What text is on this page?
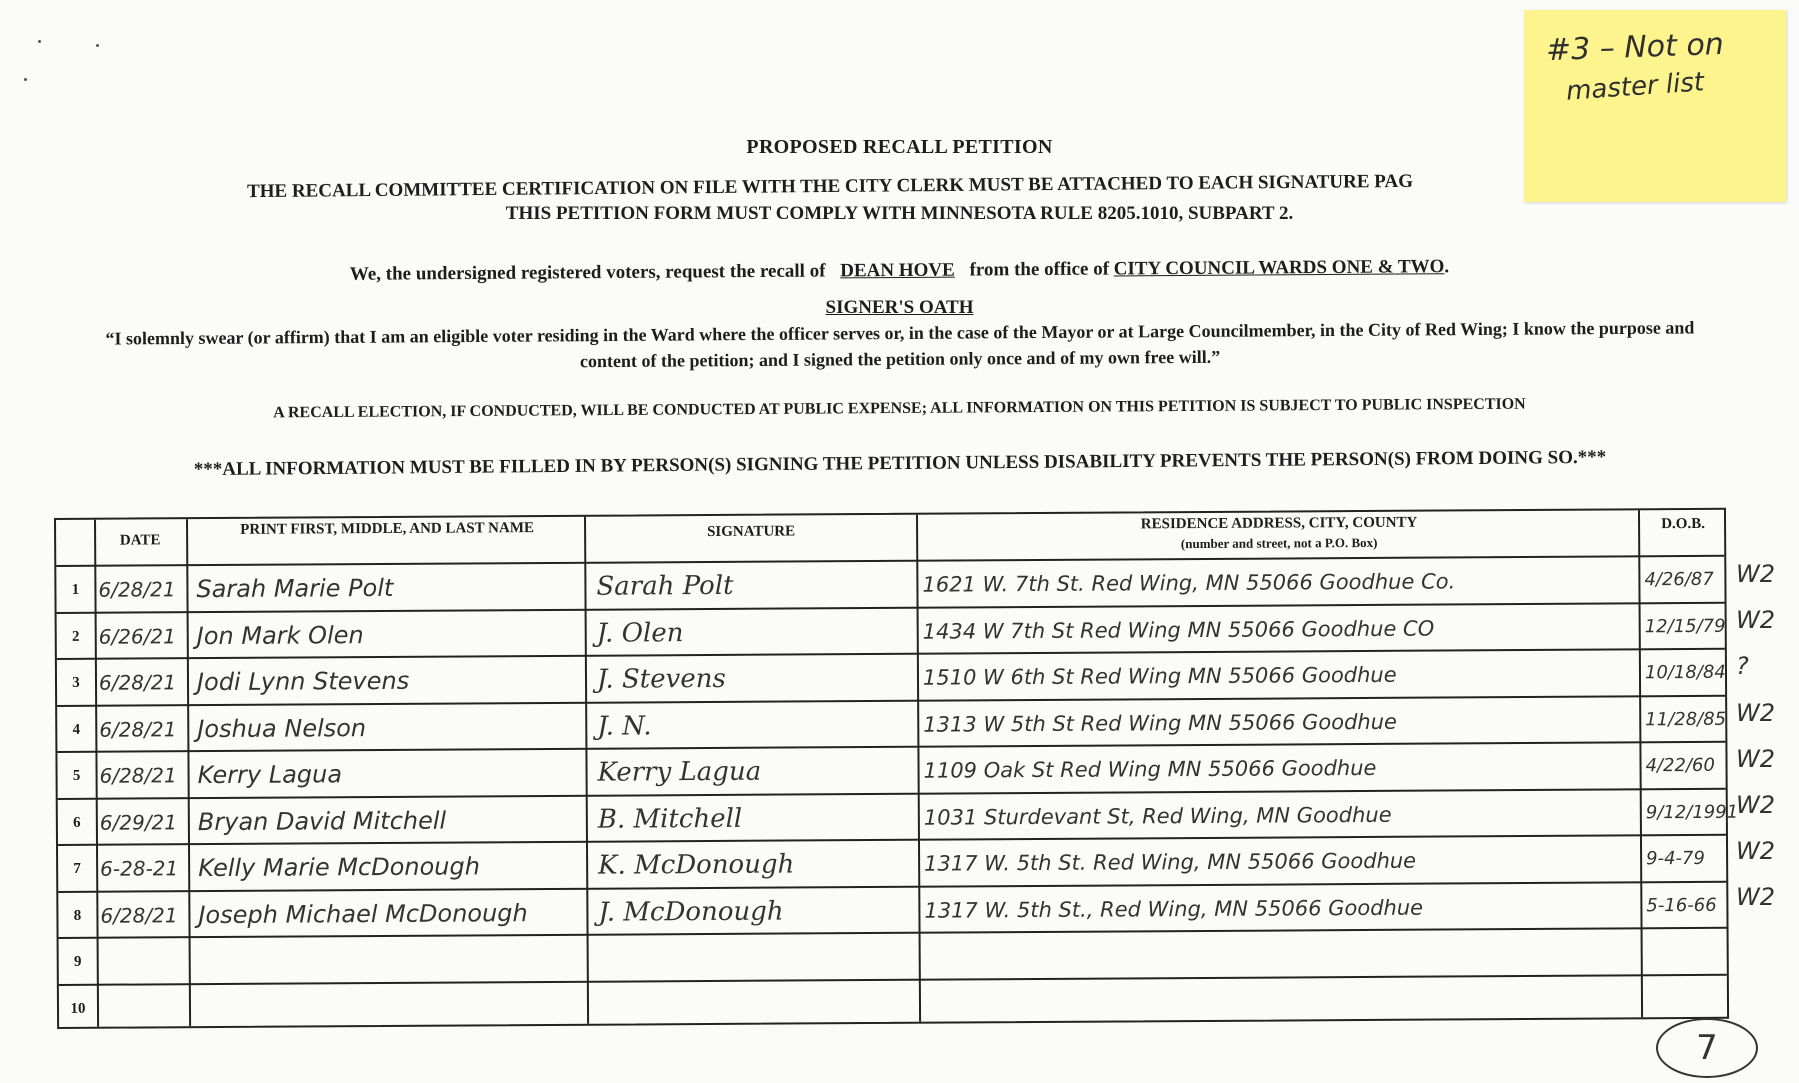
PROPOSED RECALL PETITION
THE RECALL COMMITTEE CERTIFICATION ON FILE WITH THE CITY CLERK MUST BE ATTACHED TO EACH SIGNATURE PAG
THIS PETITION FORM MUST COMPLY WITH MINNESOTA RULE 8205.1010, SUBPART 2.
We, the undersigned registered voters, request the recall of DEAN HOVE from the office of CITY COUNCIL WARDS ONE & TWO.
SIGNER'S OATH
“I solemnly swear (or affirm) that I am an eligible voter residing in the Ward where the officer serves or, in the case of the Mayor or at Large Councilmember, in the City of Red Wing; I know the purpose and content of the petition; and I signed the petition only once and of my own free will.”
A RECALL ELECTION, IF CONDUCTED, WILL BE CONDUCTED AT PUBLIC EXPENSE; ALL INFORMATION ON THIS PETITION IS SUBJECT TO PUBLIC INSPECTION
***ALL INFORMATION MUST BE FILLED IN BY PERSON(S) SIGNING THE PETITION UNLESS DISABILITY PREVENTS THE PERSON(S) FROM DOING SO.***
#3 – Not on
master list
DATE
PRINT FIRST, MIDDLE, AND LAST NAME	SIGNATURE	RESIDENCE ADDRESS, CITY, COUNTY
(number and street, not a P.O. Box)
D.O.B.
1 6/28/21 Sarah Marie Polt	Sarah Polt	1621 W. 7th St. Red Wing, MN 55066 Goodhue Co.	4/26/87
2 6/26/21 Jon Mark Olen	J. Olen	1434 W 7th St Red Wing MN 55066 Goodhue CO	12/15/79
3 6/28/21 Jodi Lynn Stevens	J. Stevens	1510 W 6th St Red Wing MN 55066 Goodhue	10/18/84
4 6/28/21 Joshua Nelson	J. N.	1313 W 5th St Red Wing MN 55066 Goodhue	11/28/85
5 6/28/21 Kerry Lagua	Kerry Lagua	1109 Oak St Red Wing MN 55066 Goodhue	4/22/60
6 6/29/21 Bryan David Mitchell	B. Mitchell	1031 Sturdevant St, Red Wing, MN Goodhue	9/12/1991
7 6-28-21 Kelly Marie McDonough	K. McDonough	1317 W. 5th St. Red Wing, MN 55066 Goodhue	9-4-79
8 6/28/21 Joseph Michael McDonough	J. McDonough	1317 W. 5th St., Red Wing, MN 55066 Goodhue	5-16-66
9
10
7
W2
W2
?
W2
W2
W2
W2
W2
